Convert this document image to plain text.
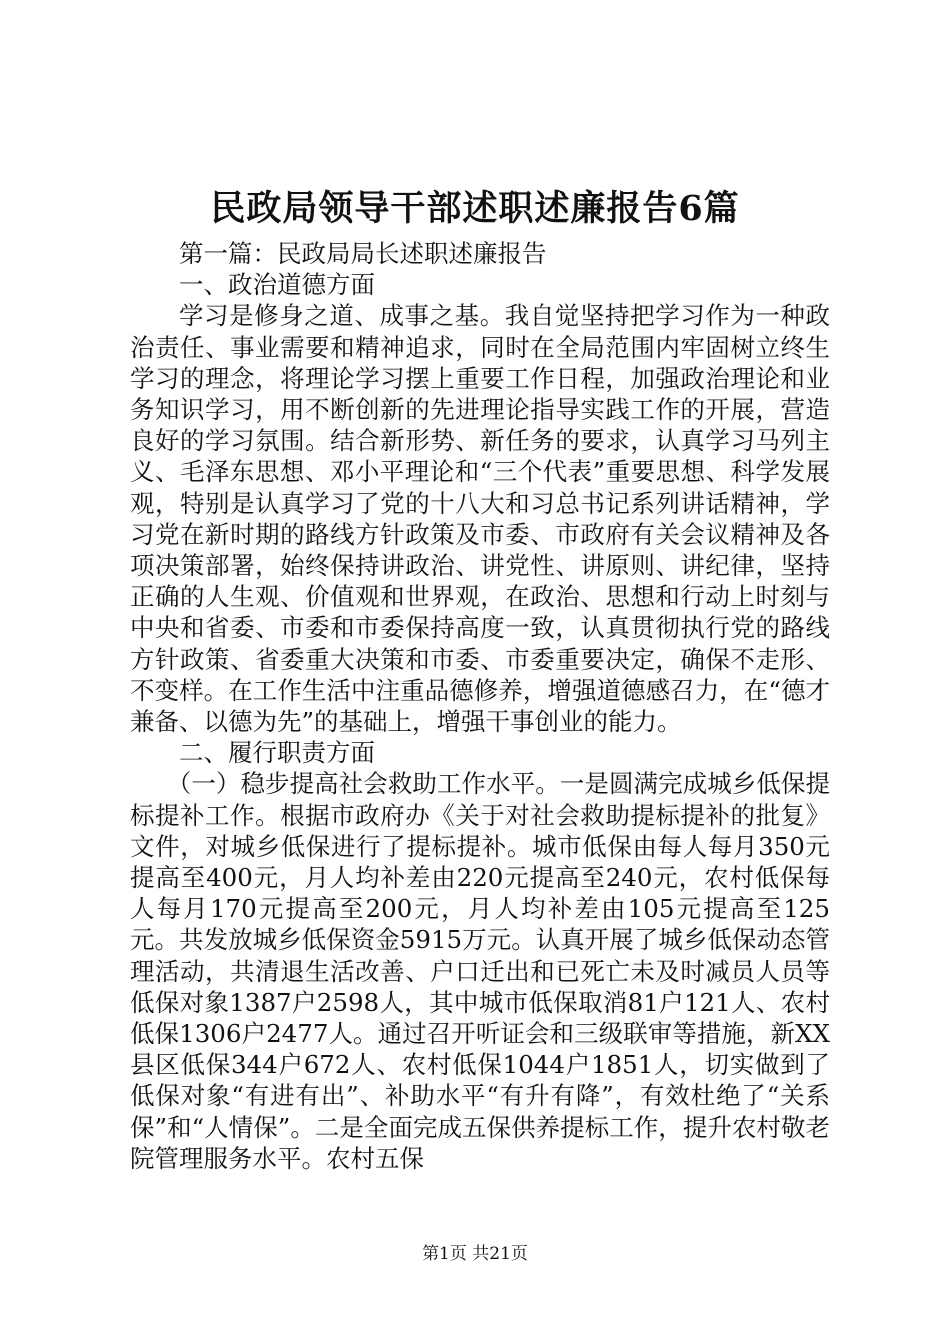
民政局领导干部述职述廉报告6篇

第一篇：民政局局长述职述廉报告

一、政治道德方面

学习是修身之道、成事之基。我自觉坚持把学习作为一种政治责任、事业需要和精神追求，同时在全局范围内牢固树立终生学习的理念，将理论学习摆上重要工作日程，加强政治理论和业务知识学习，用不断创新的先进理论指导实践工作的开展，营造良好的学习氛围。结合新形势、新任务的要求，认真学习马列主义、毛泽东思想、邓小平理论和“三个代表”重要思想、科学发展观，特别是认真学习了党的十八大和习总书记系列讲话精神，学习党在新时期的路线方针政策及市委、市政府有关会议精神及各项决策部署，始终保持讲政治、讲党性、讲原则、讲纪律，坚持正确的人生观、价值观和世界观，在政治、思想和行动上时刻与中央和省委、市委和市委保持高度一致，认真贯彻执行党的路线方针政策、省委重大决策和市委、市委重要决定，确保不走形、不变样。在工作生活中注重品德修养，增强道德感召力，在“德才兼备、以德为先”的基础上，增强干事创业的能力。

二、履行职责方面

（一）稳步提高社会救助工作水平。一是圆满完成城乡低保提标提补工作。根据市政府办《关于对社会救助提标提补的批复》文件，对城乡低保进行了提标提补。城市低保由每人每月350元提高至400元，月人均补差由220元提高至240元，农村低保每人每月170元提高至200元，月人均补差由105元提高至125元。共发放城乡低保资金5915万元。认真开展了城乡低保动态管理活动，共清退生活改善、户口迁出和已死亡未及时减员人员等低保对象1387户2598人，其中城市低保取消81户121人、农村低保1306户2477人。通过召开听证会和三级联审等措施，新XX县区低保344户672人、农村低保1044户1851人，切实做到了低保对象“有进有出”、补助水平“有升有降”，有效杜绝了“关系保”和“人情保”。二是全面完成五保供养提标工作，提升农村敬老院管理服务水平。农村五保

第1页 共21页
